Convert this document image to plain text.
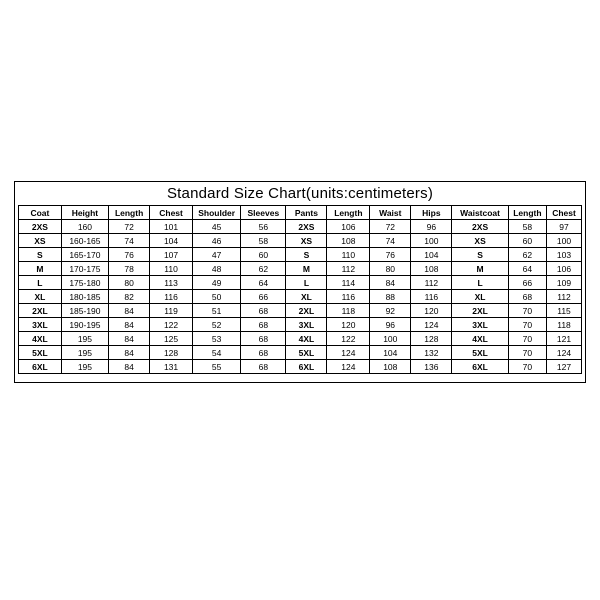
Standard Size Chart(units:centimeters)
Coat	Height	Length	Chest	Shoulder	Sleeves	Pants	Length	Waist	Hips	Waistcoat	Length	Chest
2XS	160	72	101	45	56	2XS	106	72	96	2XS	58	97
XS	160-165	74	104	46	58	XS	108	74	100	XS	60	100
S	165-170	76	107	47	60	S	110	76	104	S	62	103
M	170-175	78	110	48	62	M	112	80	108	M	64	106
L	175-180	80	113	49	64	L	114	84	112	L	66	109
XL	180-185	82	116	50	66	XL	116	88	116	XL	68	112
2XL	185-190	84	119	51	68	2XL	118	92	120	2XL	70	115
3XL	190-195	84	122	52	68	3XL	120	96	124	3XL	70	118
4XL	195	84	125	53	68	4XL	122	100	128	4XL	70	121
5XL	195	84	128	54	68	5XL	124	104	132	5XL	70	124
6XL	195	84	131	55	68	6XL	124	108	136	6XL	70	127
